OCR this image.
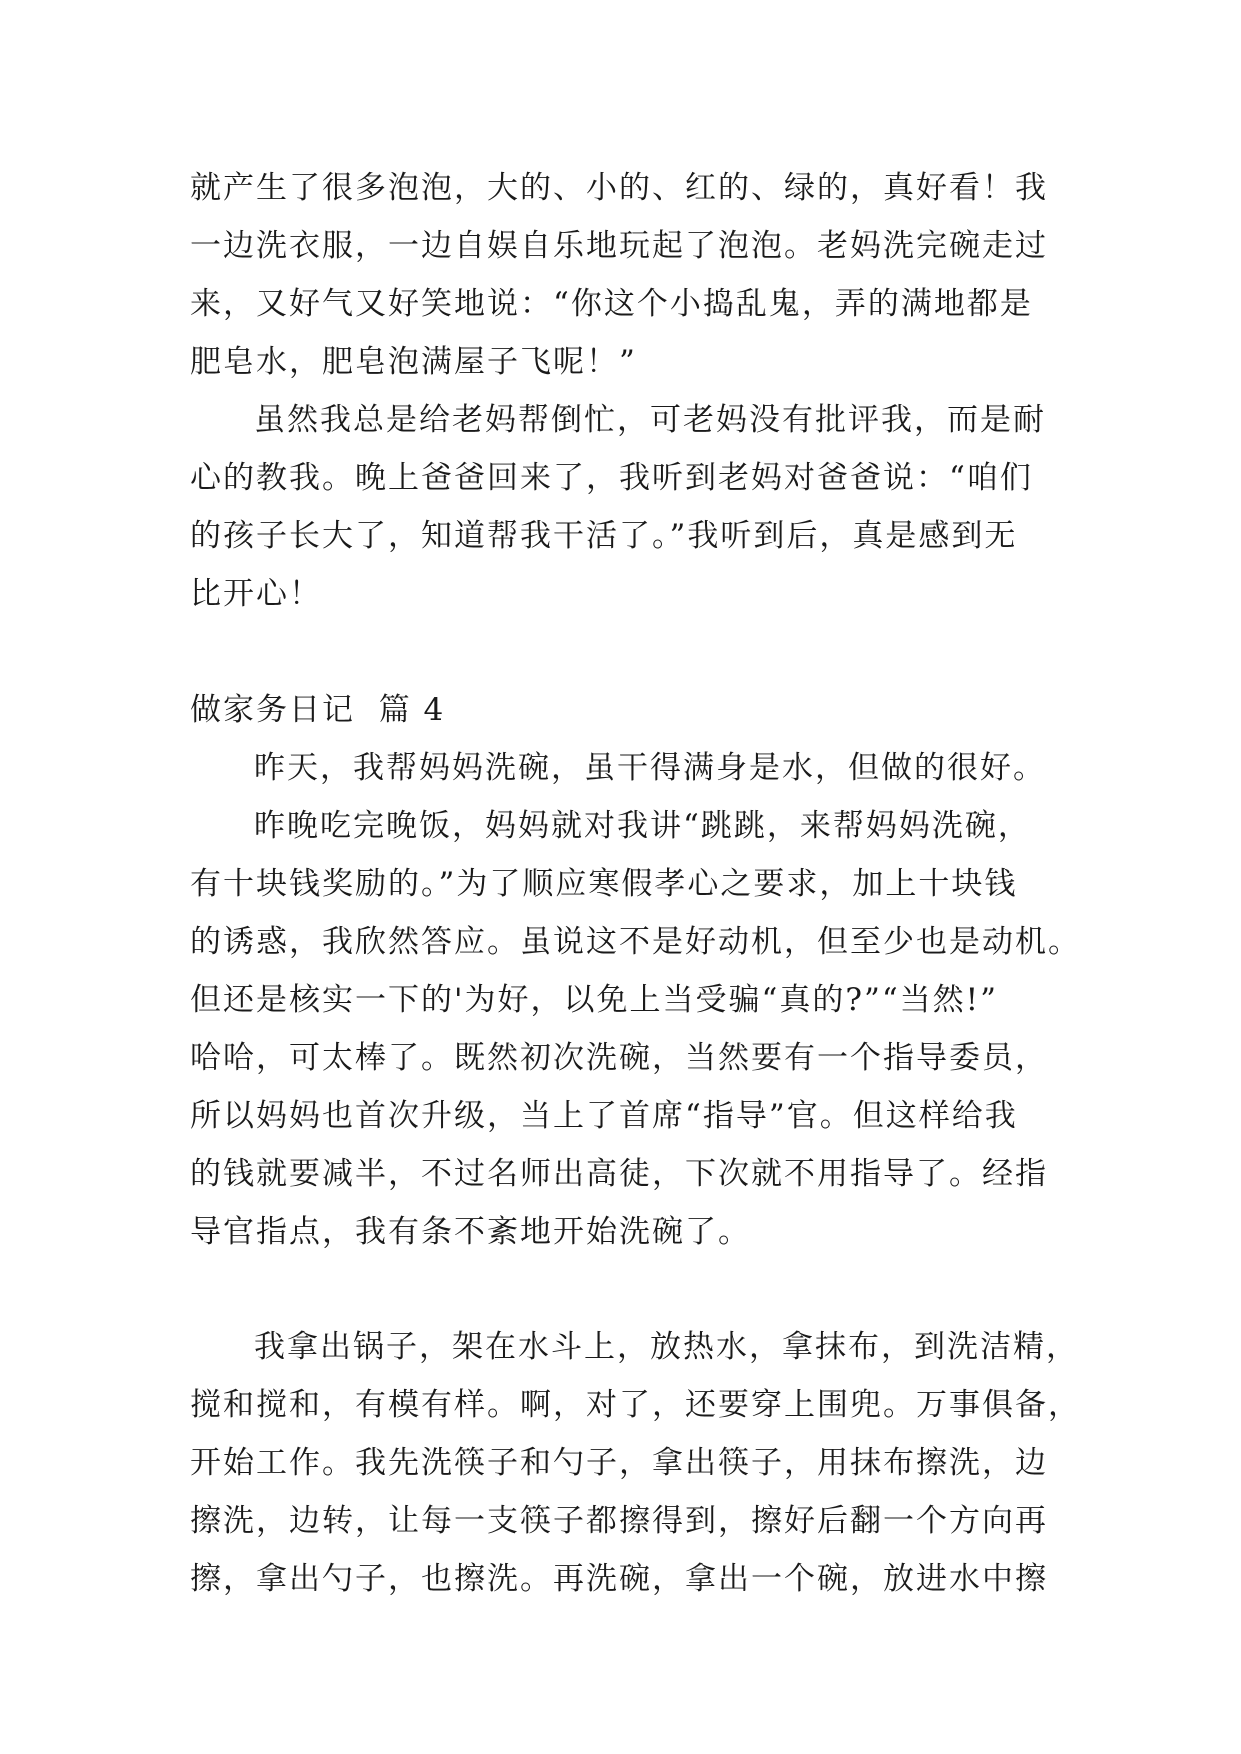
就产生了很多泡泡，大的、小的、红的、绿的，真好看！我
一边洗衣服，一边自娱自乐地玩起了泡泡。老妈洗完碗走过
来，又好气又好笑地说：“你这个小捣乱鬼，弄的满地都是
肥皂水，肥皂泡满屋子飞呢！”
虽然我总是给老妈帮倒忙，可老妈没有批评我，而是耐
心的教我。晚上爸爸回来了，我听到老妈对爸爸说：“咱们
的孩子长大了，知道帮我干活了。”我听到后，真是感到无
比开心！
做家务日记  篇 4
昨天，我帮妈妈洗碗，虽干得满身是水，但做的很好。
昨晚吃完晚饭，妈妈就对我讲“跳跳，来帮妈妈洗碗，
有十块钱奖励的。”为了顺应寒假孝心之要求，加上十块钱
的诱惑，我欣然答应。虽说这不是好动机，但至少也是动机。
但还是核实一下的'为好，以免上当受骗“真的?”“当然!”
哈哈，可太棒了。既然初次洗碗，当然要有一个指导委员，
所以妈妈也首次升级，当上了首席“指导”官。但这样给我
的钱就要减半，不过名师出高徒，下次就不用指导了。经指
导官指点，我有条不紊地开始洗碗了。
我拿出锅子，架在水斗上，放热水，拿抹布，到洗洁精，
搅和搅和，有模有样。啊，对了，还要穿上围兜。万事俱备，
开始工作。我先洗筷子和勺子，拿出筷子，用抹布擦洗，边
擦洗，边转，让每一支筷子都擦得到，擦好后翻一个方向再
擦，拿出勺子，也擦洗。再洗碗，拿出一个碗，放进水中擦
